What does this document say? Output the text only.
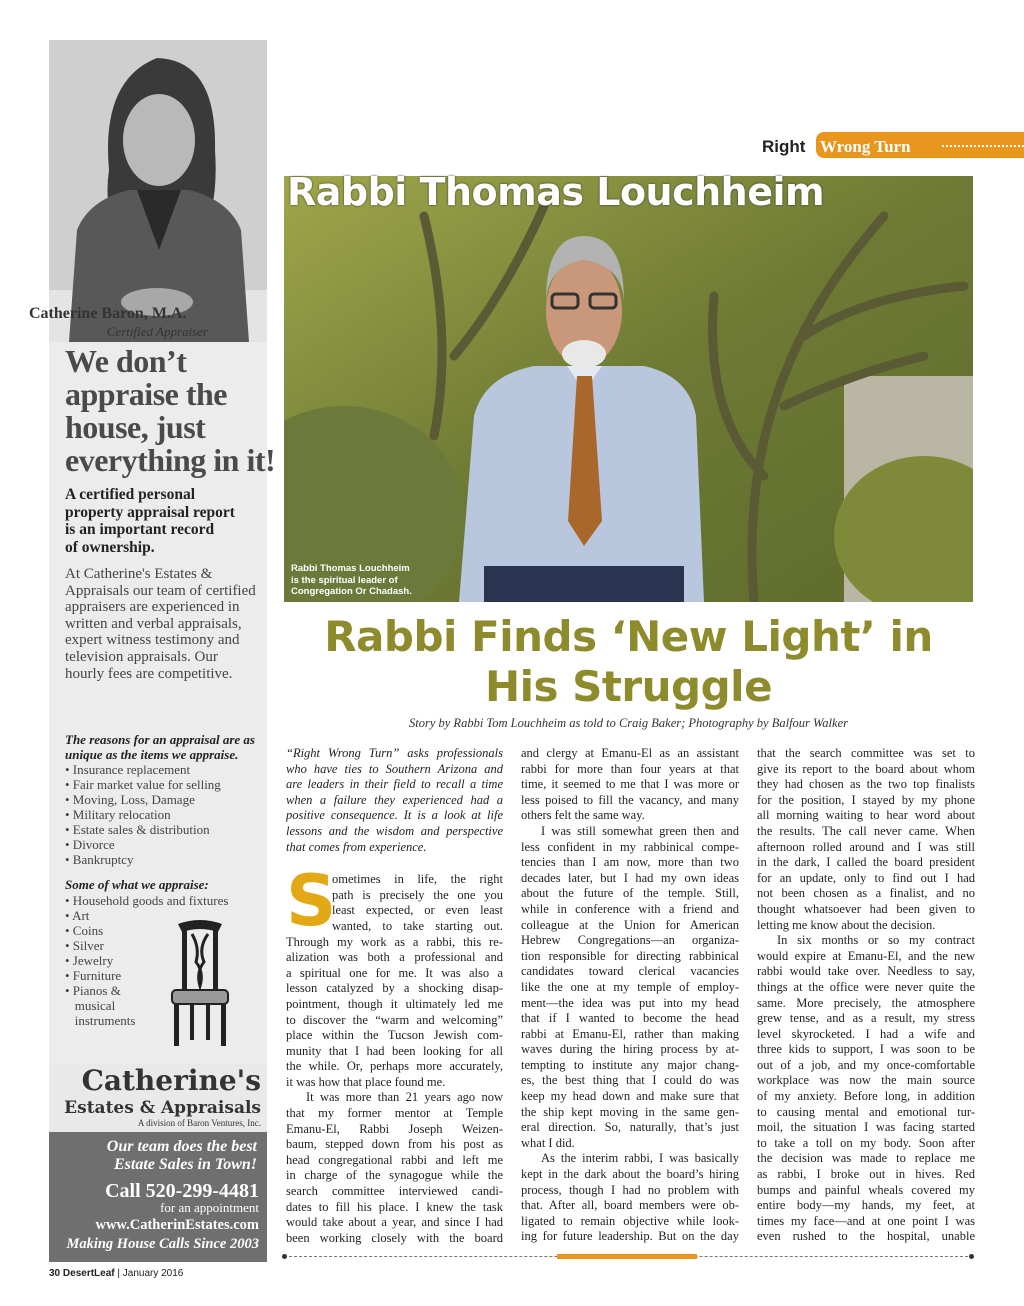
Catherine Baron, M.A.
Certified Appraiser
We don’t
appraise the
house, just
everything in it!
A certified personal
property appraisal report
is an important record
of ownership.
At Catherine's Estates &
Appraisals our team of certified
appraisers are experienced in
written and verbal appraisals,
expert witness testimony and
television appraisals. Our
hourly fees are competitive.
The reasons for an appraisal are as
unique as the items we appraise.
• Insurance replacement
• Fair market value for selling
• Moving, Loss, Damage
• Military relocation
• Estate sales & distribution
• Divorce
• Bankruptcy
Some of what we appraise:
• Household goods and fixtures
• Art
• Coins
• Silver
• Jewelry
• Furniture
• Pianos &
musical
instruments
Catherine's
Estates & Appraisals
A division of Baron Ventures, Inc.
Our team does the best
Estate Sales in Town!
Call 520-299-4481
for an appointment
www.CatherinEstates.com
Making House Calls Since 2003
Right Wrong Turn
Rabbi Thomas Louchheim
Rabbi Thomas Louchheim
is the spiritual leader of
Congregation Or Chadash.
Rabbi Finds ‘New Light’ in
His Struggle
Story by Rabbi Tom Louchheim as told to Craig Baker; Photography by Balfour Walker
“Right Wrong Turn” asks professionals
who have ties to Southern Arizona and
are leaders in their field to recall a time
when a failure they experienced had a
positive consequence. It is a look at life
lessons and the wisdom and perspective
that comes from experience.
ometimes in life, the right
path is precisely the one you
least expected, or even least
wanted, to take starting out.
Through my work as a rabbi, this re-
alization was both a professional and
a spiritual one for me. It was also a
lesson catalyzed by a shocking disap-
pointment, though it ultimately led me
to discover the “warm and welcoming”
place within the Tucson Jewish com-
munity that I had been looking for all
the while. Or, perhaps more accurately,
it was how that place found me.
It was more than 21 years ago now
that my former mentor at Temple
Emanu-El, Rabbi Joseph Weizen-
baum, stepped down from his post as
head congregational rabbi and left me
in charge of the synagogue while the
search committee interviewed candi-
dates to fill his place. I knew the task
would take about a year, and since I had
been working closely with the board
S
and clergy at Emanu-El as an assistant
rabbi for more than four years at that
time, it seemed to me that I was more or
less poised to fill the vacancy, and many
others felt the same way.
I was still somewhat green then and
less confident in my rabbinical compe-
tencies than I am now, more than two
decades later, but I had my own ideas
about the future of the temple. Still,
while in conference with a friend and
colleague at the Union for American
Hebrew Congregations—an organiza-
tion responsible for directing rabbinical
candidates toward clerical vacancies
like the one at my temple of employ-
ment—the idea was put into my head
that if I wanted to become the head
rabbi at Emanu-El, rather than making
waves during the hiring process by at-
tempting to institute any major chang-
es, the best thing that I could do was
keep my head down and make sure that
the ship kept moving in the same gen-
eral direction. So, naturally, that’s just
what I did.
As the interim rabbi, I was basically
kept in the dark about the board’s hiring
process, though I had no problem with
that. After all, board members were ob-
ligated to remain objective while look-
ing for future leadership. But on the day
that the search committee was set to
give its report to the board about whom
they had chosen as the two top finalists
for the position, I stayed by my phone
all morning waiting to hear word about
the results. The call never came. When
afternoon rolled around and I was still
in the dark, I called the board president
for an update, only to find out I had
not been chosen as a finalist, and no
thought whatsoever had been given to
letting me know about the decision.
In six months or so my contract
would expire at Emanu-El, and the new
rabbi would take over. Needless to say,
things at the office were never quite the
same. More precisely, the atmosphere
grew tense, and as a result, my stress
level skyrocketed. I had a wife and
three kids to support, I was soon to be
out of a job, and my once-comfortable
workplace was now the main source
of my anxiety. Before long, in addition
to causing mental and emotional tur-
moil, the situation I was facing started
to take a toll on my body. Soon after
the decision was made to replace me
as rabbi, I broke out in hives. Red
bumps and painful wheals covered my
entire body—my hands, my feet, at
times my face—and at one point I was
even rushed to the hospital, unable
30 DesertLeaf | January 2016
